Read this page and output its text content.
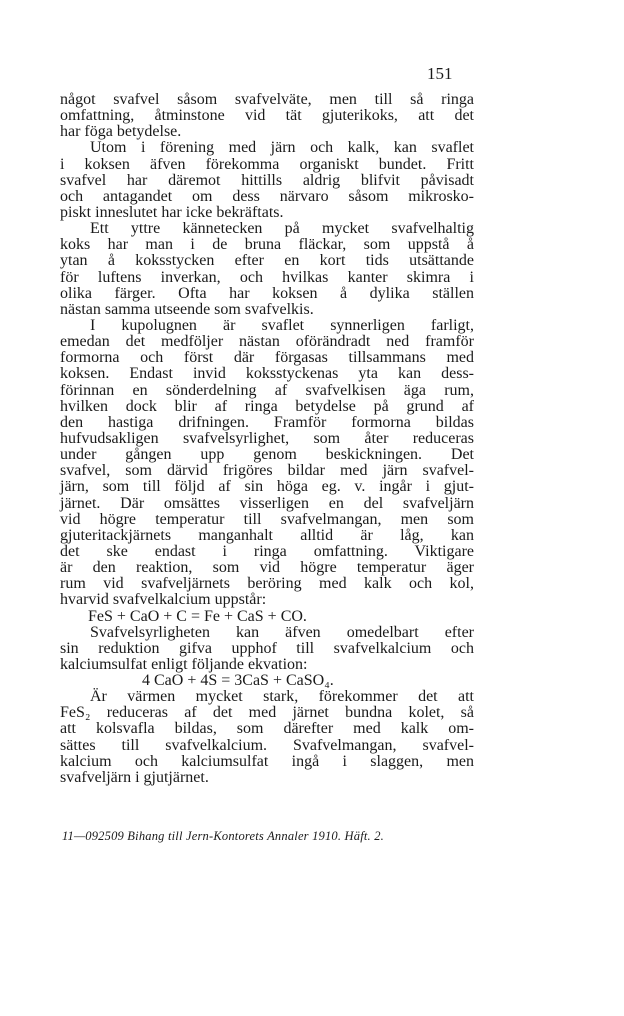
151
något svafvel såsom svafvelväte, men till så ringa
omfattning, åtminstone vid tät gjuterikoks, att det
har föga betydelse.
Utom i förening med järn och kalk, kan svaflet
i koksen äfven förekomma organiskt bundet. Fritt
svafvel har däremot hittills aldrig blifvit påvisadt
och antagandet om dess närvaro såsom mikrosko-
piskt inneslutet har icke bekräftats.
Ett yttre kännetecken på mycket svafvelhaltig
koks har man i de bruna fläckar, som uppstå å
ytan å koksstycken efter en kort tids utsättande
för luftens inverkan, och hvilkas kanter skimra i
olika färger. Ofta har koksen å dylika ställen
nästan samma utseende som svafvelkis.
I kupolugnen är svaflet synnerligen farligt,
emedan det medföljer nästan oförändradt ned framför
formorna och först där förgasas tillsammans med
koksen. Endast invid koksstyckenas yta kan dess-
förinnan en sönderdelning af svafvelkisen äga rum,
hvilken dock blir af ringa betydelse på grund af
den hastiga drifningen. Framför formorna bildas
hufvudsakligen svafvelsyrlighet, som åter reduceras
under gången upp genom beskickningen. Det
svafvel, som därvid frigöres bildar med järn svafvel-
järn, som till följd af sin höga eg. v. ingår i gjut-
järnet. Där omsättes visserligen en del svafveljärn
vid högre temperatur till svafvelmangan, men som
gjuteritackjärnets manganhalt alltid är låg, kan
det ske endast i ringa omfattning. Viktigare
är den reaktion, som vid högre temperatur äger
rum vid svafveljärnets beröring med kalk och kol,
hvarvid svafvelkalcium uppstår:
FeS + CaO + C = Fe + CaS + CO.
Svafvelsyrligheten kan äfven omedelbart efter
sin reduktion gifva upphof till svafvelkalcium och
kalciumsulfat enligt följande ekvation:
4 CaO + 4S = 3CaS + CaSO₄.
Är värmen mycket stark, förekommer det att
FeS₂ reduceras af det med järnet bundna kolet, så
att kolsvafla bildas, som därefter med kalk om-
sättes till svafvelkalcium. Svafvelmangan, svafvel-
kalcium och kalciumsulfat ingå i slaggen, men
svafveljärn i gjutjärnet.
11—092509 Bihang till Jern-Kontorets Annaler 1910. Häft. 2.
